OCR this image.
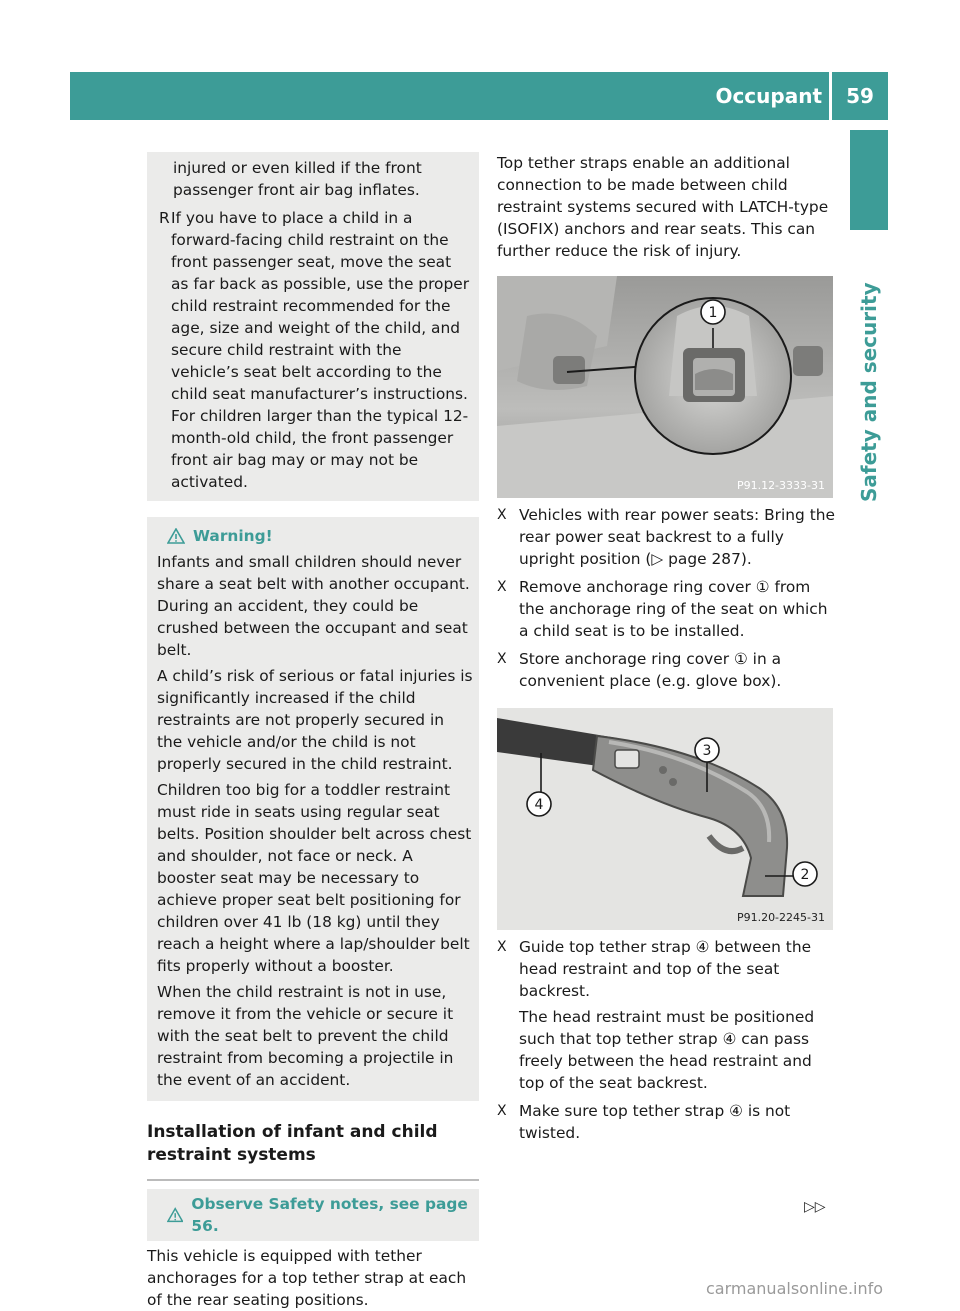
Occupant safety
59
Safety and security

injured or even killed if the front passenger front air bag inflates.

R If you have to place a child in a forward-facing child restraint on the front passenger seat, move the seat as far back as possible, use the proper child restraint recommended for the age, size and weight of the child, and secure child restraint with the vehicle’s seat belt according to the child seat manufacturer’s instructions. For children larger than the typical 12-month-old child, the front passenger front air bag may or may not be activated.
Warning!

Infants and small children should never share a seat belt with another occupant. During an accident, they could be crushed between the occupant and seat belt.

A child’s risk of serious or fatal injuries is significantly increased if the child restraints are not properly secured in the vehicle and/or the child is not properly secured in the child restraint.

Children too big for a toddler restraint must ride in seats using regular seat belts. Position shoulder belt across chest and shoulder, not face or neck. A booster seat may be necessary to achieve proper seat belt positioning for children over 41 lb (18 kg) until they reach a height where a lap/shoulder belt fits properly without a booster.

When the child restraint is not in use, remove it from the vehicle or secure it with the seat belt to prevent the child restraint from becoming a projectile in the event of an accident.

Installation of infant and child restraint systems
Observe Safety notes, see page 56.

This vehicle is equipped with tether anchorages for a top tether strap at each of the rear seating positions.

Top tether straps enable an additional connection to be made between child restraint systems secured with LATCH-type (ISOFIX) anchors and rear seats. This can further reduce the risk of injury.

1
P91.12-3333-31
X Vehicles with rear power seats: Bring the rear power seat backrest to a fully upright position (▷ page 287).
X Remove anchorage ring cover ① from the anchorage ring of the seat on which a child seat is to be installed.
X Store anchorage ring cover ① in a convenient place (e.g. glove box).
4
3
2
P91.20-2245-31
X Guide top tether strap ④ between the head restraint and top of the seat backrest.

The head restraint must be positioned such that top tether strap ④ can pass freely between the head restraint and top of the seat backrest.

X Make sure top tether strap ④ is not twisted.
▷▷
carmanualsonline.info
